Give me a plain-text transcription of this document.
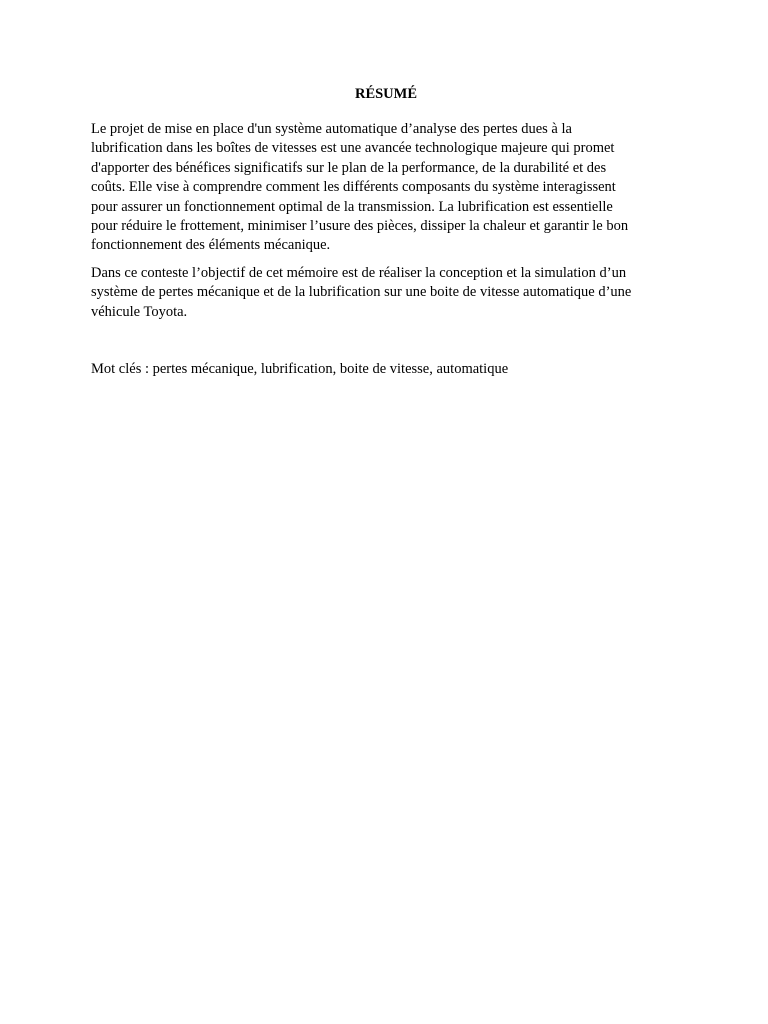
RÉSUMÉ

Le projet de mise en place d'un système automatique d’analyse des pertes dues à la
lubrification dans les boîtes de vitesses est une avancée technologique majeure qui promet
d'apporter des bénéfices significatifs sur le plan de la performance, de la durabilité et des
coûts. Elle vise à comprendre comment les différents composants du système interagissent
pour assurer un fonctionnement optimal de la transmission. La lubrification est essentielle
pour réduire le frottement, minimiser l’usure des pièces, dissiper la chaleur et garantir le bon
fonctionnement des éléments mécanique.

Dans ce conteste l’objectif de cet mémoire est de réaliser la conception et la simulation d’un
système de pertes mécanique et de la lubrification sur une boite de vitesse automatique d’une
véhicule Toyota.

Mot clés : pertes mécanique, lubrification, boite de vitesse, automatique
